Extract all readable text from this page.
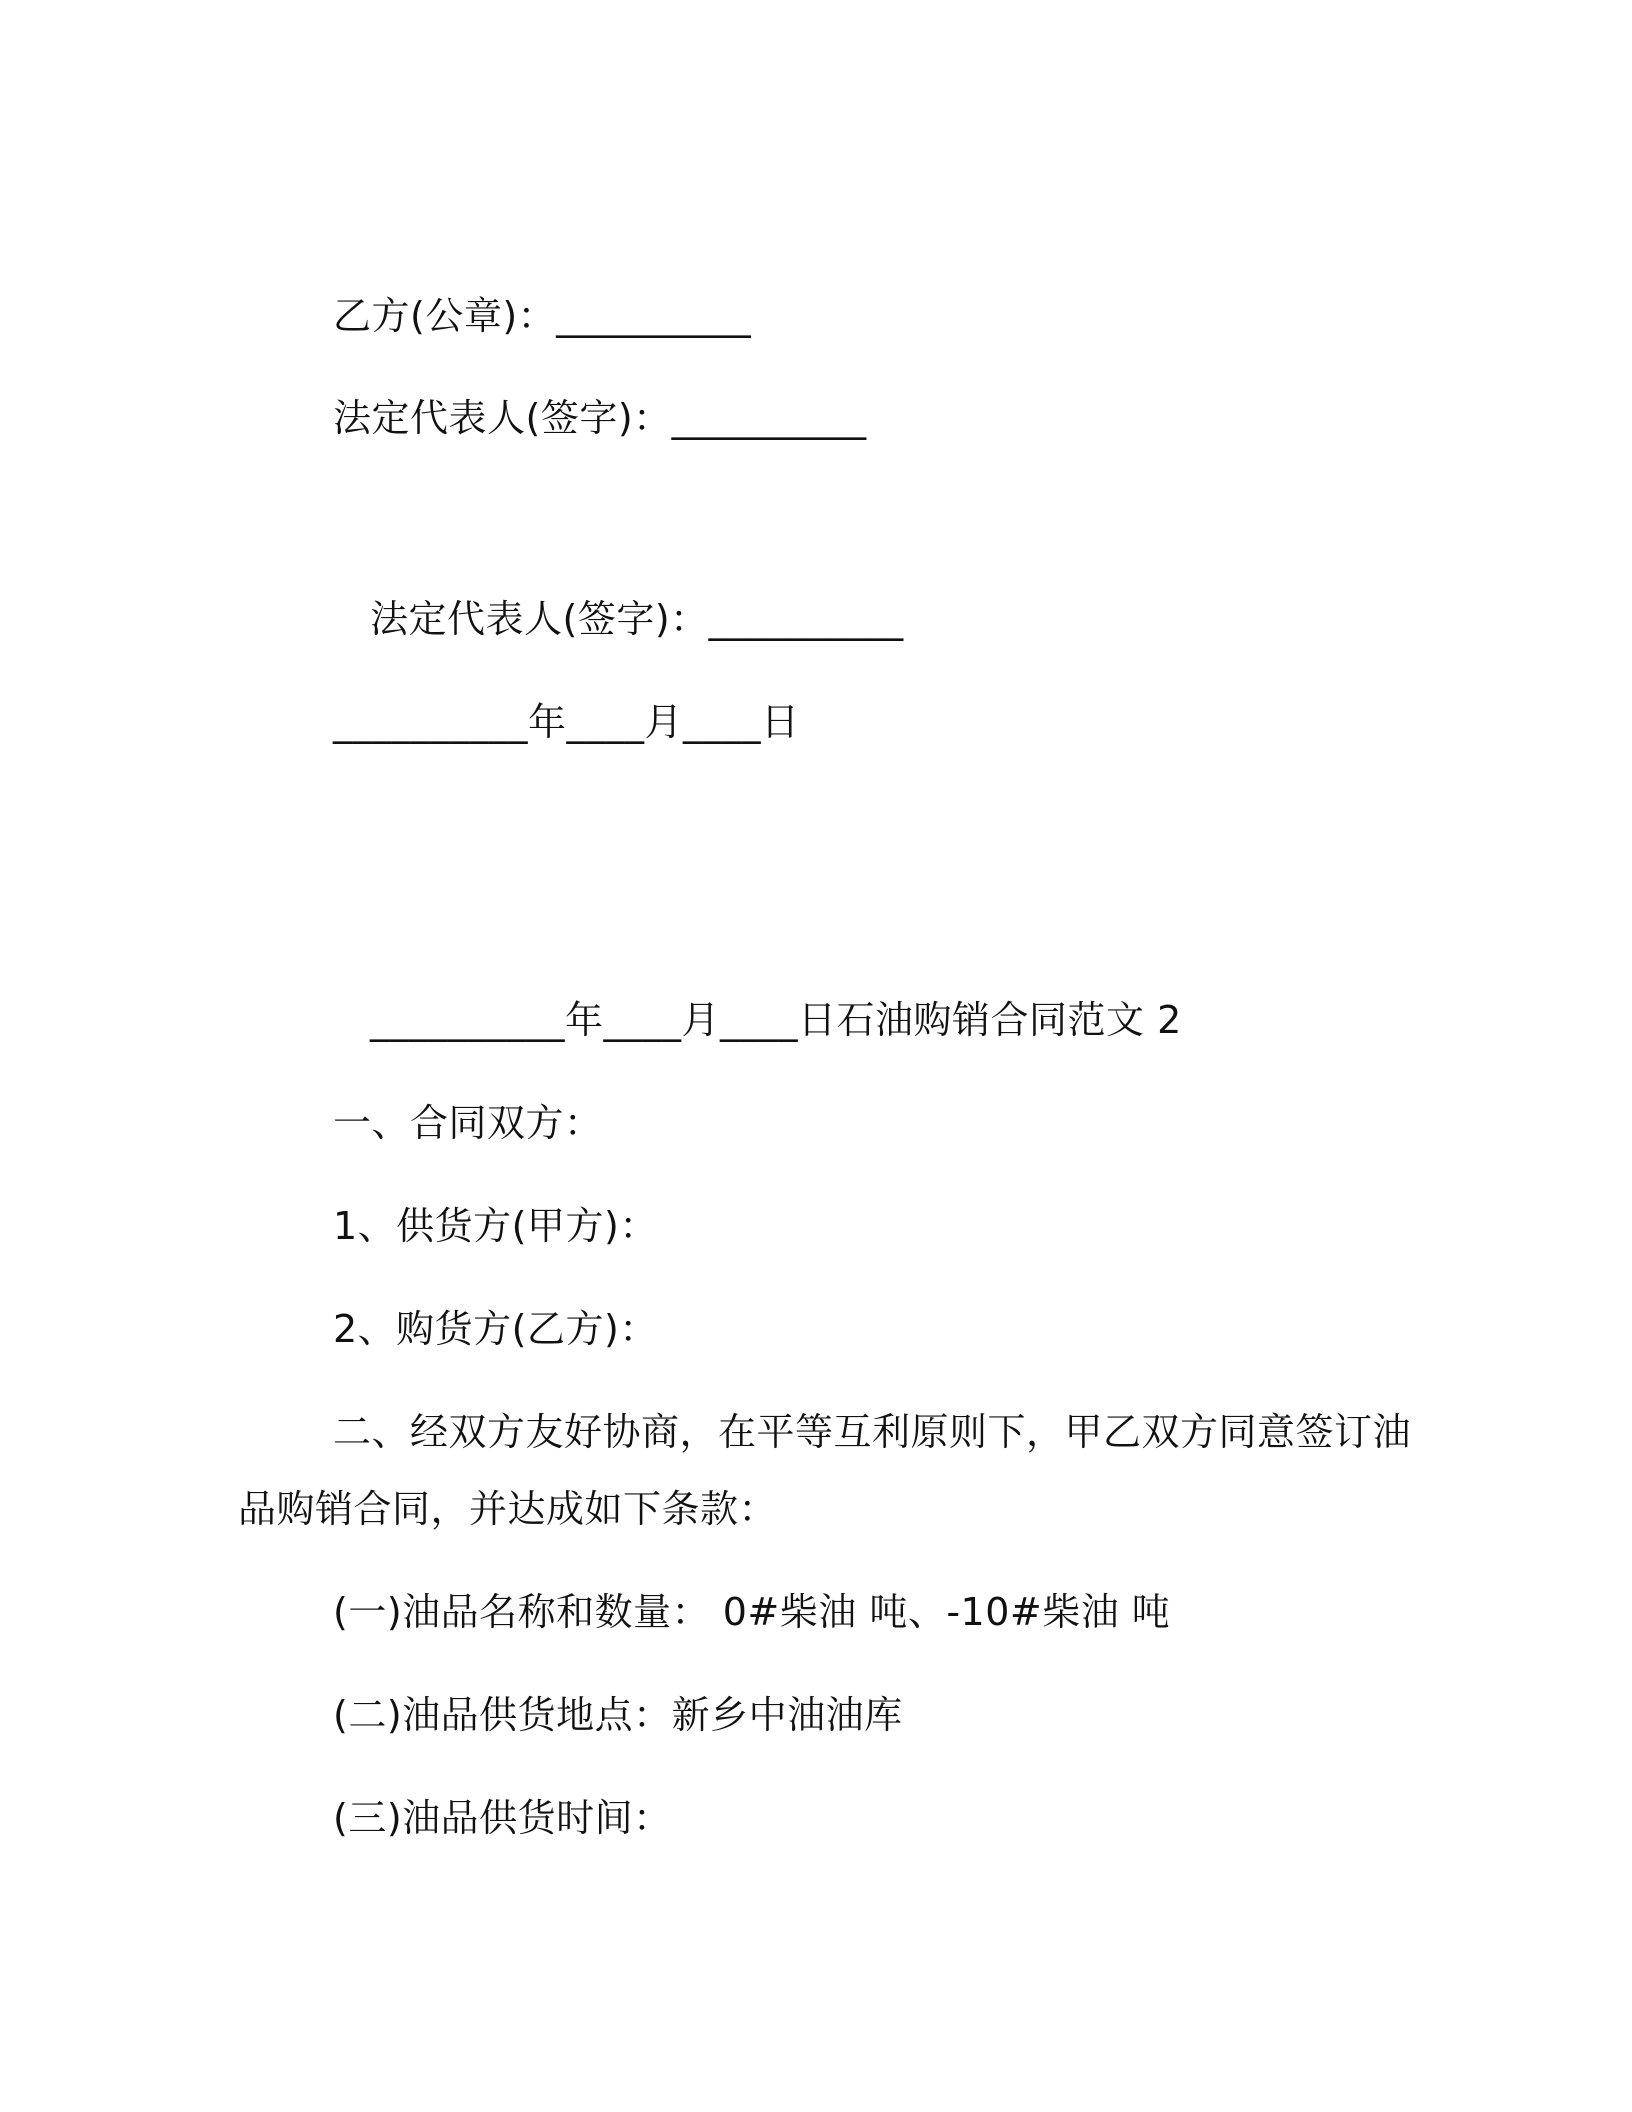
乙方(公章)：__________
法定代表人(签字)：__________
法定代表人(签字)：__________
__________年____月____日
__________年____月____日石油购销合同范文 2
一、合同双方：
1、供货方(甲方)：
2、购货方(乙方)：
二、经双方友好协商，在平等互利原则下，甲乙双方同意签订油
品购销合同，并达成如下条款：
(一)油品名称和数量： 0#柴油 吨、-10#柴油 吨
(二)油品供货地点：新乡中油油库
(三)油品供货时间：
